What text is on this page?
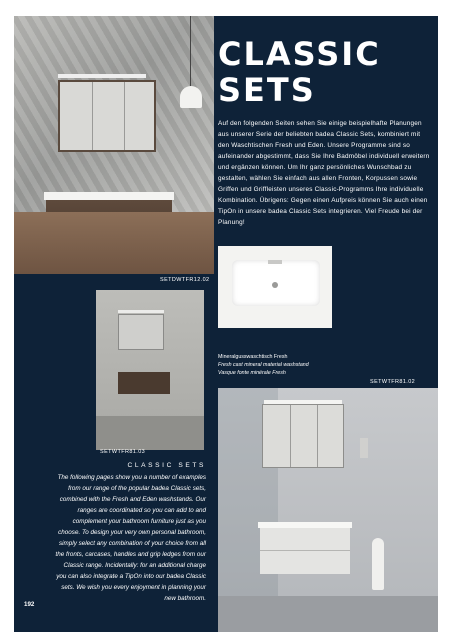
SETDWTFR12.02
CLASSIC
SETS
Auf den folgenden Seiten sehen Sie einige beispielhafte Planungen aus unserer Serie der beliebten badea Classic Sets, kombiniert mit den Waschtischen Fresh und Eden. Unsere Programme sind so aufeinander abgestimmt, dass Sie Ihre Badmöbel individuell erweitern und ergänzen können. Um Ihr ganz persönliches Wunschbad zu gestalten, wählen Sie einfach aus allen Fronten, Korpussen sowie Griffen und Griffleisten unseres Classic-Programms Ihre individuelle Kombination. Übrigens: Gegen einen Aufpreis können Sie auch einen TipOn in unsere badea Classic Sets integrieren. Viel Freude bei der Planung!
SETWTFR81.03
Mineralgusswaschtisch Fresh
Fresh cast mineral material washstand
Vasque fonte minérale Fresh
SETWTFR81.02
CLASSIC SETS
The following pages show you a number of examples from our range of the popular badea Classic sets, combined with the Fresh and Eden washstands. Our ranges are coordinated so you can add to and complement your bathroom furniture just as you choose. To design your very own personal bathroom, simply select any combination of your choice from all the fronts, carcases, handles and grip ledges from our Classic range. Incidentally: for an additional charge you can also integrate a TipOn into our badea Classic sets. We wish you every enjoyment in planning your new bathroom.
192
